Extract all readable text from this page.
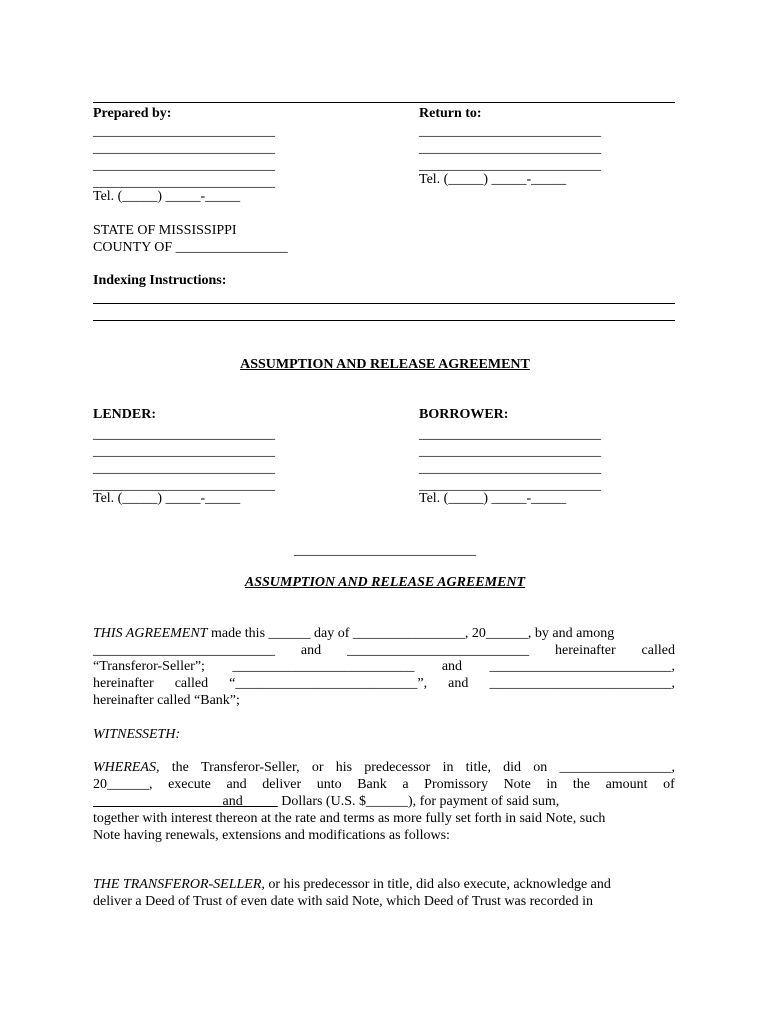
Prepared by:
__________________________
__________________________
__________________________
__________________________
Tel. (_____) _____-_____
Return to:
__________________________
__________________________
__________________________
Tel. (_____) _____-_____
STATE OF MISSISSIPPI
COUNTY OF ________________
Indexing Instructions:
ASSUMPTION AND RELEASE AGREEMENT
LENDER:
__________________________
__________________________
__________________________
__________________________
Tel. (_____) _____-_____
BORROWER:
__________________________
__________________________
__________________________
__________________________
Tel. (_____) _____-_____
__________________________
ASSUMPTION AND RELEASE AGREEMENT
THIS AGREEMENT made this ______ day of ________________, 20______, by and among
__________________________ and __________________________ hereinafter called
“Transferor-Seller”; __________________________ and __________________________,
hereinafter called “__________________________”, and __________________________,
hereinafter called “Bank”;
WITNESSETH:
WHEREAS, the Transferor-Seller, or his predecessor in title, did on ________________,
20______, execute and deliver unto Bank a Promissory Note in the amount of
and	Dollars (U.S. $______), for payment of said sum,
together with interest thereon at the rate and terms as more fully set forth in said Note, such
Note having renewals, extensions and modifications as follows:
THE TRANSFEROR-SELLER, or his predecessor in title, did also execute, acknowledge and
deliver a Deed of Trust of even date with said Note, which Deed of Trust was recorded in
